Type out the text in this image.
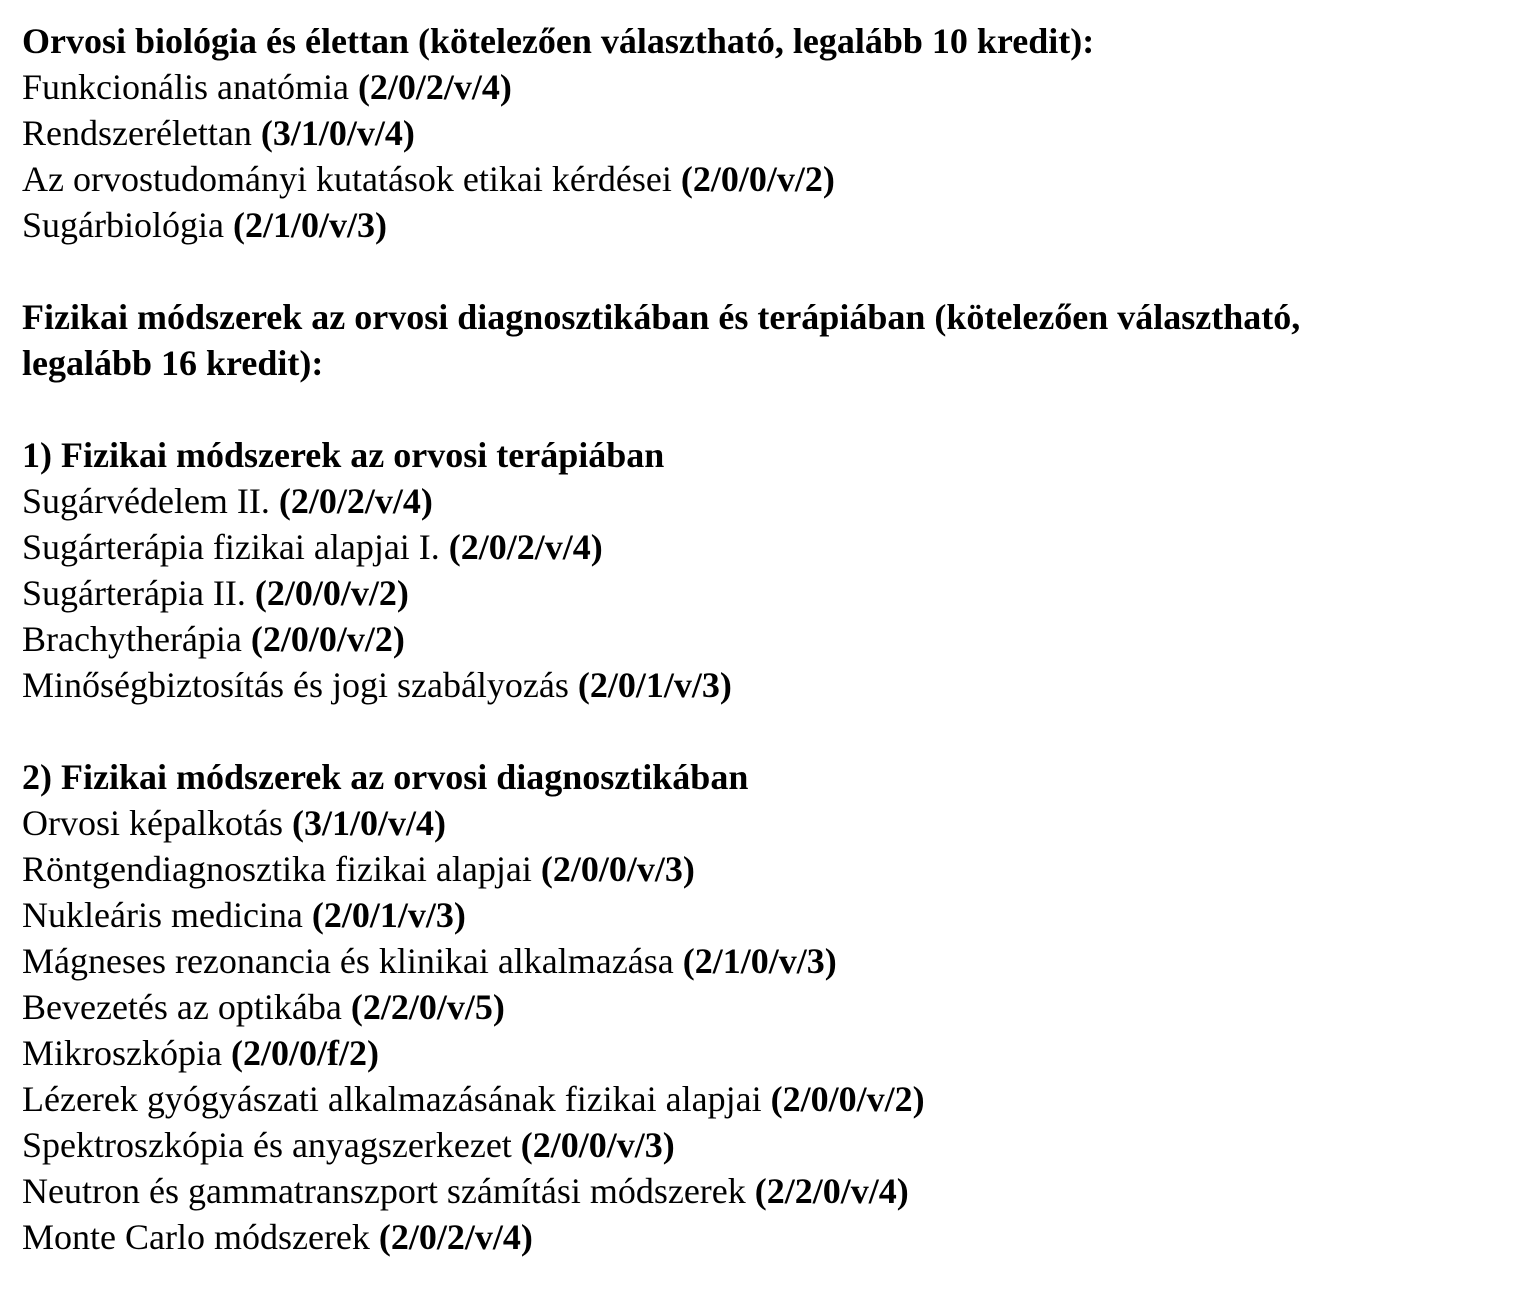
Orvosi biológia és élettan (kötelezően választható, legalább 10 kredit):

Funkcionális anatómia (2/0/2/v/4)

Rendszerélettan (3/1/0/v/4)

Az orvostudományi kutatások etikai kérdései (2/0/0/v/2)

Sugárbiológia (2/1/0/v/3)

Fizikai módszerek az orvosi diagnosztikában és terápiában (kötelezően választható,

legalább 16 kredit):

1) Fizikai módszerek az orvosi terápiában

Sugárvédelem II. (2/0/2/v/4)

Sugárterápia fizikai alapjai I. (2/0/2/v/4)

Sugárterápia II. (2/0/0/v/2)

Brachytherápia (2/0/0/v/2)

Minőségbiztosítás és jogi szabályozás (2/0/1/v/3)

2) Fizikai módszerek az orvosi diagnosztikában

Orvosi képalkotás (3/1/0/v/4)

Röntgendiagnosztika fizikai alapjai (2/0/0/v/3)

Nukleáris medicina (2/0/1/v/3)

Mágneses rezonancia és klinikai alkalmazása (2/1/0/v/3)

Bevezetés az optikába (2/2/0/v/5)

Mikroszkópia (2/0/0/f/2)

Lézerek gyógyászati alkalmazásának fizikai alapjai (2/0/0/v/2)

Spektroszkópia és anyagszerkezet (2/0/0/v/3)

Neutron és gammatranszport számítási módszerek (2/2/0/v/4)

Monte Carlo módszerek (2/0/2/v/4)
